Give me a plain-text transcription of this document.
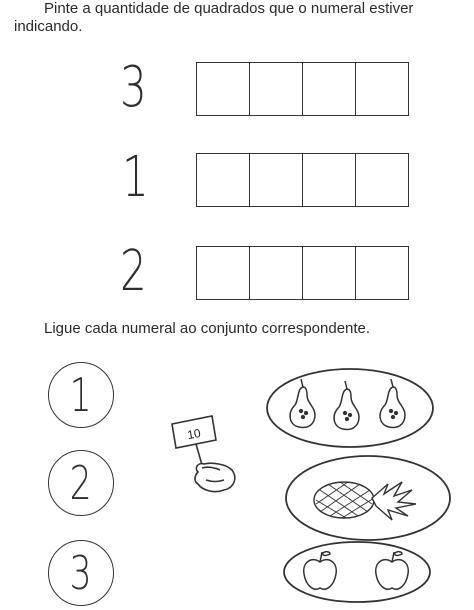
Pinte a quantidade de quadrados que o numeral estiver indicando.
3
1
2
Ligue cada numeral ao conjunto correspondente.
1
2
3
10
